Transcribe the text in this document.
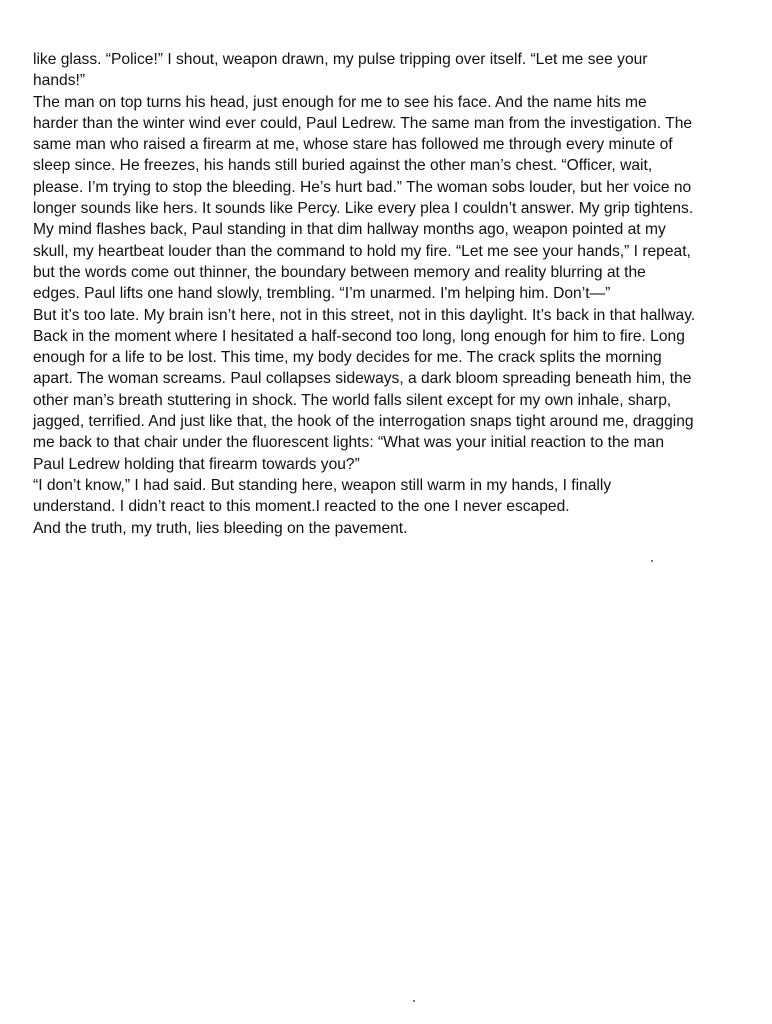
like glass. “Police!” I shout, weapon drawn, my pulse tripping over itself. “Let me see your
hands!”

The man on top turns his head, just enough for me to see his face. And the name hits me
harder than the winter wind ever could, Paul Ledrew. The same man from the investigation. The
same man who raised a firearm at me, whose stare has followed me through every minute of
sleep since. He freezes, his hands still buried against the other man’s chest. “Officer, wait,
please. I’m trying to stop the bleeding. He’s hurt bad.” The woman sobs louder, but her voice no
longer sounds like hers. It sounds like Percy. Like every plea I couldn’t answer. My grip tightens.
My mind flashes back, Paul standing in that dim hallway months ago, weapon pointed at my
skull, my heartbeat louder than the command to hold my fire. “Let me see your hands,” I repeat,
but the words come out thinner, the boundary between memory and reality blurring at the
edges. Paul lifts one hand slowly, trembling. “I’m unarmed. I'm helping him. Don’t—”

But it’s too late. My brain isn’t here, not in this street, not in this daylight. It’s back in that hallway.
Back in the moment where I hesitated a half-second too long, long enough for him to fire. Long
enough for a life to be lost. This time, my body decides for me. The crack splits the morning
apart. The woman screams. Paul collapses sideways, a dark bloom spreading beneath him, the
other man’s breath stuttering in shock. The world falls silent except for my own inhale, sharp,
jagged, terrified. And just like that, the hook of the interrogation snaps tight around me, dragging
me back to that chair under the fluorescent lights: “What was your initial reaction to the man
Paul Ledrew holding that firearm towards you?”

“I don’t know,” I had said. But standing here, weapon still warm in my hands, I finally
understand. I didn’t react to this moment.I reacted to the one I never escaped.

And the truth, my truth, lies bleeding on the pavement.
